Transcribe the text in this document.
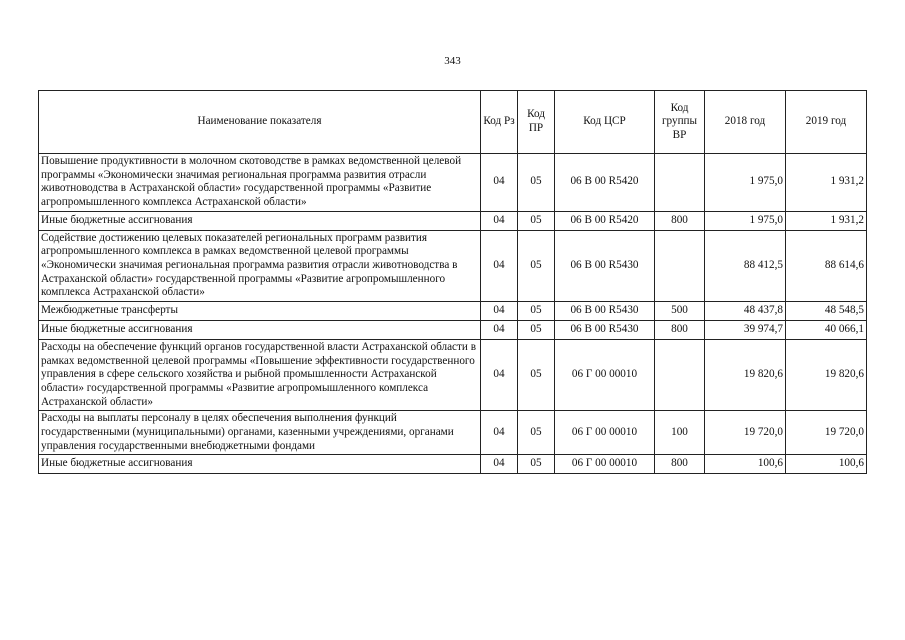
343
Наименование показателя	Код Рз	Код ПР	Код ЦСР	Код группы ВР	2018 год	2019 год
Повышение продуктивности в молочном скотоводстве в рамках ведомственной целевой программы «Экономически значимая региональная программа развития отрасли животноводства в Астраханской области» государственной программы «Развитие агропромышленного комплекса Астраханской области»	04	05	06 В 00 R5420		1 975,0	1 931,2
Иные бюджетные ассигнования	04	05	06 В 00 R5420	800	1 975,0	1 931,2
Содействие достижению целевых показателей региональных программ развития агропромышленного комплекса в рамках ведомственной целевой программы «Экономически значимая региональная программа развития отрасли животноводства в Астраханской области» государственной программы «Развитие агропромышленного комплекса Астраханской области»	04	05	06 В 00 R5430		88 412,5	88 614,6
Межбюджетные трансферты	04	05	06 В 00 R5430	500	48 437,8	48 548,5
Иные бюджетные ассигнования	04	05	06 В 00 R5430	800	39 974,7	40 066,1
Расходы на обеспечение функций органов государственной власти Астраханской области в рамках ведомственной целевой программы «Повышение эффективности государственного управления в сфере сельского хозяйства и рыбной промышленности Астраханской области» государственной программы «Развитие агропромышленного комплекса Астраханской области»	04	05	06 Г 00 00010		19 820,6	19 820,6
Расходы на выплаты персоналу в целях обеспечения выполнения функций государственными (муниципальными) органами, казенными учреждениями, органами управления государственными внебюджетными фондами	04	05	06 Г 00 00010	100	19 720,0	19 720,0
Иные бюджетные ассигнования	04	05	06 Г 00 00010	800	100,6	100,6
